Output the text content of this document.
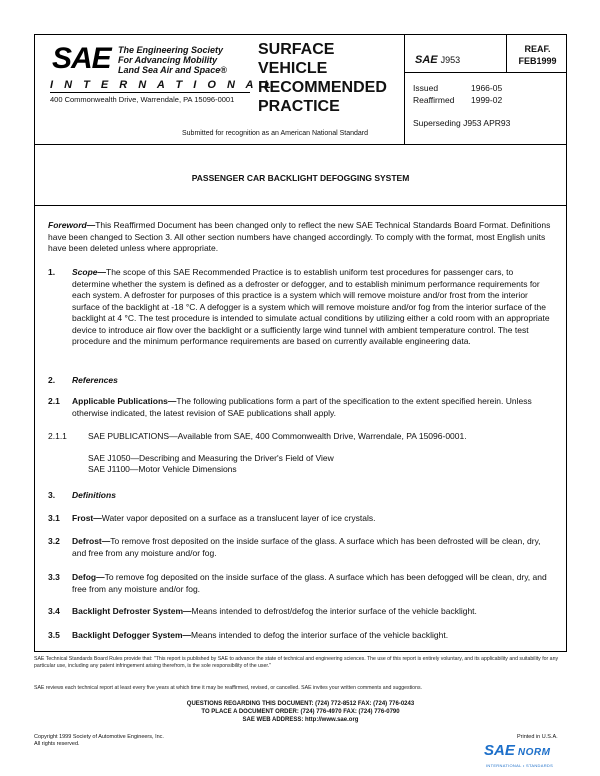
SAE The Engineering Society
For Advancing Mobility
Land Sea Air and Space®
I N T E R N A T I O N A L
400 Commonwealth Drive, Warrendale, PA 15096-0001
SURFACE
VEHICLE
RECOMMENDED
PRACTICE
Submitted for recognition as an American National Standard
SAE J953
REAF.
FEB1999
Issued	1966-05
Reaffirmed 1999-02
Superseding J953 APR93
PASSENGER CAR BACKLIGHT DEFOGGING SYSTEM
Foreword—This Reaffirmed Document has been changed only to reflect the new SAE Technical Standards Board Format. Definitions have been changed to Section 3. All other section numbers have changed accordingly. To comply with the format, most English units have been deleted unless where appropriate.
1. Scope—The scope of this SAE Recommended Practice is to establish uniform test procedures for passenger cars, to determine whether the system is defined as a defroster or defogger, and to establish minimum performance requirements for each system. A defroster for purposes of this practice is a system which will remove moisture and/or frost from the interior surface of the backlight at -18 °C. A defogger is a system which will remove moisture and/or fog from the interior surface of the backlight at 4 °C. The test procedure is intended to simulate actual conditions by utilizing either a cold room with an appropriate device to introduce air flow over the backlight or a sufficiently large wind tunnel with ambient temperature control. The test procedure and the minimum performance requirements are based on currently available engineering data.
2. References
2.1 Applicable Publications—The following publications form a part of the specification to the extent specified herein. Unless otherwise indicated, the latest revision of SAE publications shall apply.
2.1.1 SAE PUBLICATIONS—Available from SAE, 400 Commonwealth Drive, Warrendale, PA 15096-0001.
SAE J1050—Describing and Measuring the Driver's Field of View
SAE J1100—Motor Vehicle Dimensions
3. Definitions
3.1 Frost—Water vapor deposited on a surface as a translucent layer of ice crystals.
3.2 Defrost—To remove frost deposited on the inside surface of the glass. A surface which has been defrosted will be clean, dry, and free from any moisture and/or fog.
3.3 Defog—To remove fog deposited on the inside surface of the glass. A surface which has been defogged will be clean, dry, and free from any moisture and/or fog.
3.4 Backlight Defroster System—Means intended to defrost/defog the interior surface of the vehicle backlight.
3.5 Backlight Defogger System—Means intended to defog the interior surface of the vehicle backlight.
SAE Technical Standards Board Rules provide that: "This report is published by SAE to advance the state of technical and engineering sciences. The use of this report is entirely voluntary, and its applicability and suitability for any particular use, including any patent infringement arising therefrom, is the sole responsibility of the user."
SAE reviews each technical report at least every five years at which time it may be reaffirmed, revised, or cancelled. SAE invites your written comments and suggestions.
QUESTIONS REGARDING THIS DOCUMENT: (724) 772-8512 FAX: (724) 776-0243
TO PLACE A DOCUMENT ORDER: (724) 776-4970 FAX: (724) 776-0790
SAE WEB ADDRESS: http://www.sae.org
Copyright 1999 Society of Automotive Engineers, Inc.
All rights reserved.
Printed in U.S.A.
SAE NORM
INTERNATIONAL • STANDARDS
